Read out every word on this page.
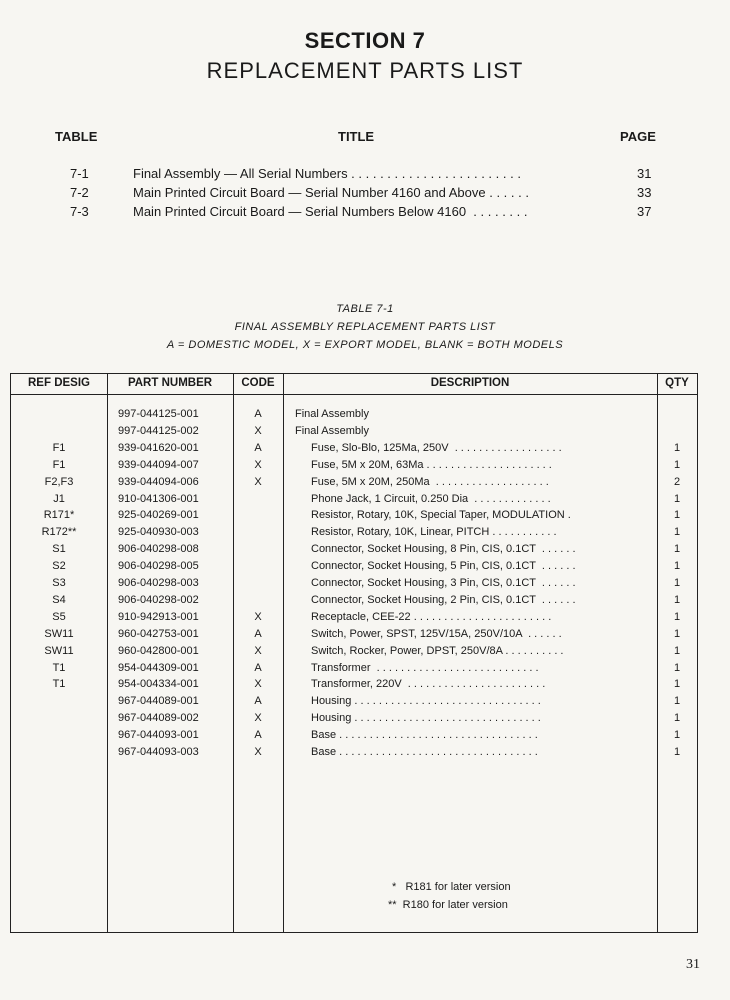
SECTION 7
REPLACEMENT PARTS LIST
TABLE	TITLE	PAGE
7-1	Final Assembly — All Serial Numbers . . . . . . . . . . . . . . . . . . . . . . . .	31
7-2	Main Printed Circuit Board — Serial Number 4160 and Above . . . . . .	33
7-3	Main Printed Circuit Board — Serial Numbers Below 4160  . . . . . . . .	37
TABLE 7-1
FINAL ASSEMBLY REPLACEMENT PARTS LIST
A = DOMESTIC MODEL, X = EXPORT MODEL, BLANK = BOTH MODELS
REF DESIG	PART NUMBER	CODE	DESCRIPTION	QTY
997-044125-001	A	Final Assembly
997-044125-002	X	Final Assembly
F1	939-041620-001	A	Fuse, Slo-Blo, 125Ma, 250V  . . . . . . . . . . . . . . . . . .	1
F1	939-044094-007	X	Fuse, 5M x 20M, 63Ma . . . . . . . . . . . . . . . . . . . . .	1
F2,F3	939-044094-006	X	Fuse, 5M x 20M, 250Ma  . . . . . . . . . . . . . . . . . . .	2
J1	910-041306-001	Phone Jack, 1 Circuit, 0.250 Dia  . . . . . . . . . . . . .	1
R171*	925-040269-001	Resistor, Rotary, 10K, Special Taper, MODULATION .	1
R172**	925-040930-003	Resistor, Rotary, 10K, Linear, PITCH . . . . . . . . . . .	1
S1	906-040298-008	Connector, Socket Housing, 8 Pin, CIS, 0.1CT  . . . . . .	1
S2	906-040298-005	Connector, Socket Housing, 5 Pin, CIS, 0.1CT  . . . . . .	1
S3	906-040298-003	Connector, Socket Housing, 3 Pin, CIS, 0.1CT  . . . . . .	1
S4	906-040298-002	Connector, Socket Housing, 2 Pin, CIS, 0.1CT  . . . . . .	1
S5	910-942913-001	X	Receptacle, CEE-22 . . . . . . . . . . . . . . . . . . . . . . .	1
SW11	960-042753-001	A	Switch, Power, SPST, 125V/15A, 250V/10A  . . . . . .	1
SW11	960-042800-001	X	Switch, Rocker, Power, DPST, 250V/8A . . . . . . . . . .	1
T1	954-044309-001	A	Transformer  . . . . . . . . . . . . . . . . . . . . . . . . . . .	1
T1	954-004334-001	X	Transformer, 220V  . . . . . . . . . . . . . . . . . . . . . . .	1
967-044089-001	A	Housing . . . . . . . . . . . . . . . . . . . . . . . . . . . . . . .	1
967-044089-002	X	Housing . . . . . . . . . . . . . . . . . . . . . . . . . . . . . . .	1
967-044093-001	A	Base . . . . . . . . . . . . . . . . . . . . . . . . . . . . . . . . .	1
967-044093-003	X	Base . . . . . . . . . . . . . . . . . . . . . . . . . . . . . . . . .	1
*   R181 for later version
**  R180 for later version
31
